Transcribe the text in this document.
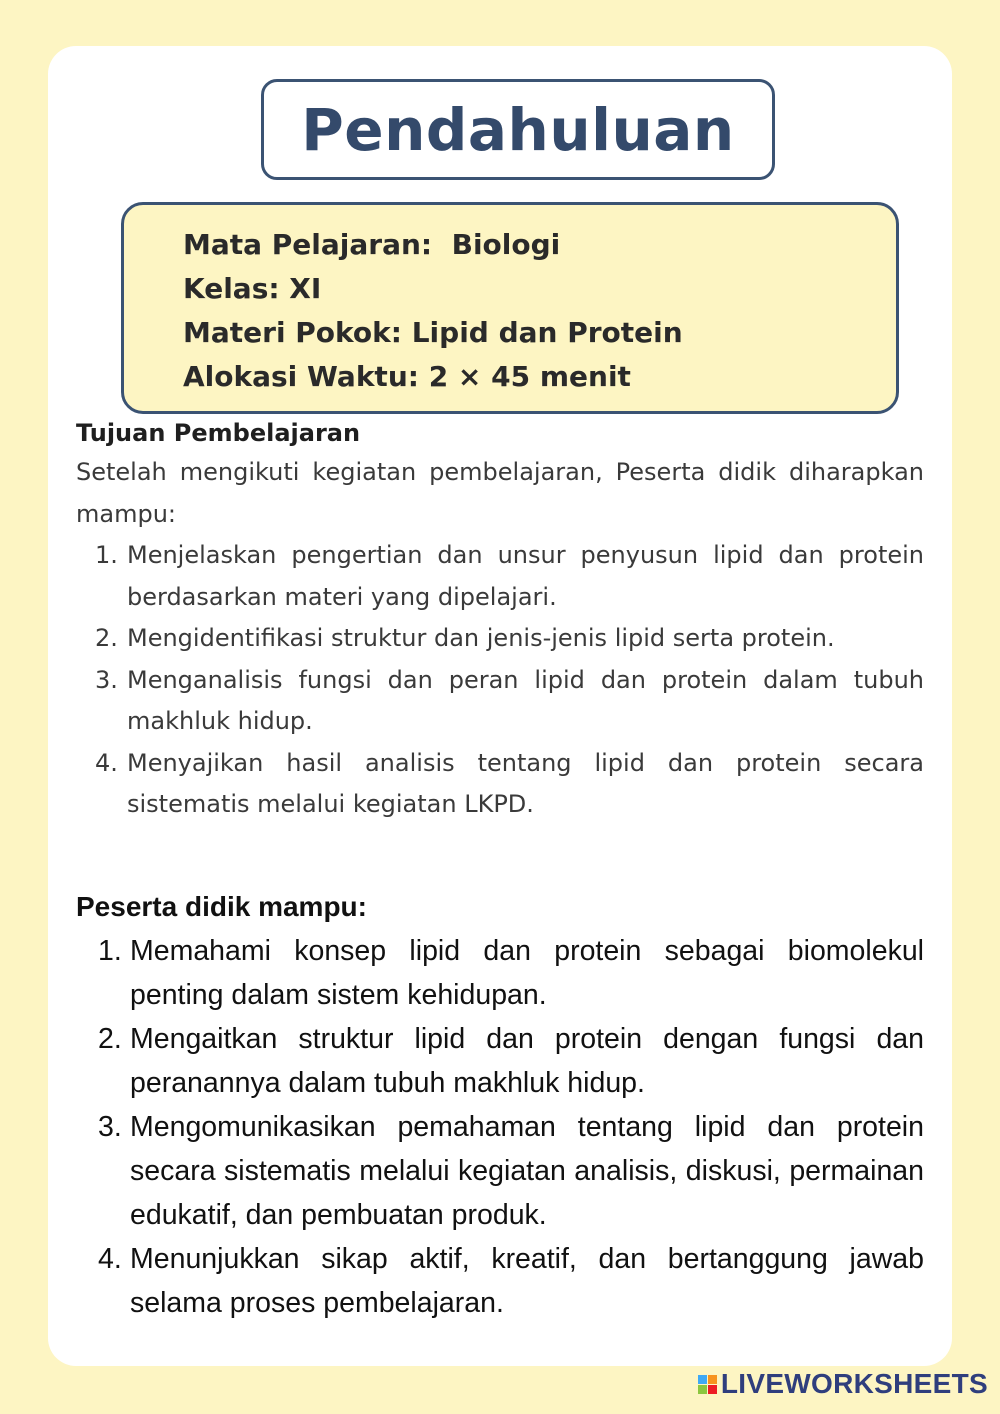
Pendahuluan
Mata Pelajaran:  Biologi
Kelas: XI
Materi Pokok: Lipid dan Protein
Alokasi Waktu: 2 × 45 menit
Tujuan Pembelajaran

Setelah mengikuti kegiatan pembelajaran, Peserta didik diharapkan mampu:

1. Menjelaskan pengertian dan unsur penyusun lipid dan protein berdasarkan materi yang dipelajari.
2. Mengidentifikasi struktur dan jenis-jenis lipid serta protein.
3. Menganalisis fungsi dan peran lipid dan protein dalam tubuh makhluk hidup.
4. Menyajikan hasil analisis tentang lipid dan protein secara sistematis melalui kegiatan LKPD.
Peserta didik mampu:
1. Memahami konsep lipid dan protein sebagai biomolekul penting dalam sistem kehidupan.
2. Mengaitkan struktur lipid dan protein dengan fungsi dan peranannya dalam tubuh makhluk hidup.
3. Mengomunikasikan pemahaman tentang lipid dan protein secara sistematis melalui kegiatan analisis, diskusi, permainan edukatif, dan pembuatan produk.
4. Menunjukkan sikap aktif, kreatif, dan bertanggung jawab selama proses pembelajaran.
LIVEWORKSHEETS
